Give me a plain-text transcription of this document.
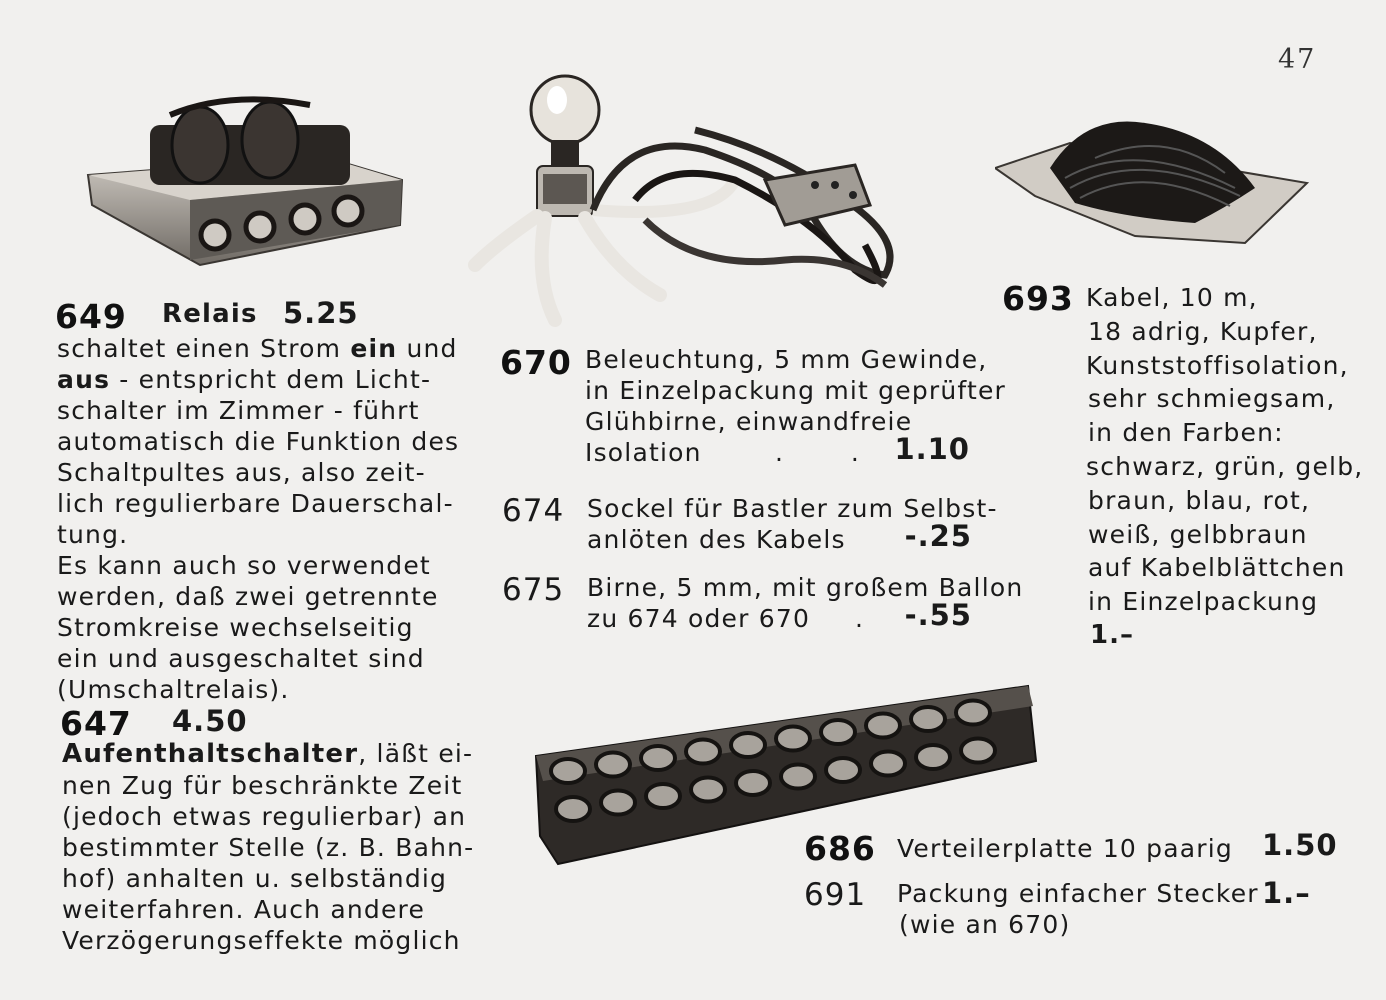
47
649 Relais 5.25
schaltet einen Strom ein und
aus - entspricht dem Licht-
schalter im Zimmer - führt
automatisch die Funktion des
Schaltpultes aus, also zeit-
lich regulierbare Dauerschal-
tung.
Es kann auch so verwendet
werden, daß zwei getrennte
Stromkreise wechselseitig
ein und ausgeschaltet sind
(Umschaltrelais).
647 4.50
Aufenthaltschalter, läßt ei-
nen Zug für beschränkte Zeit
(jedoch etwas regulierbar) an
bestimmter Stelle (z. B. Bahn-
hof) anhalten u. selbständig
weiterfahren. Auch andere
Verzögerungseffekte möglich
670 Beleuchtung, 5 mm Gewinde,
in Einzelpackung mit geprüfter
Glühbirne, einwandfreie
Isolation	. . 1.10
674 Sockel für Bastler zum Selbst-
anlöten des Kabels -.25
675 Birne, 5 mm, mit großem Ballon
zu 674 oder 670 . -.55
693 Kabel, 10 m,
18 adrig, Kupfer,
Kunststoffisolation,
sehr schmiegsam,
in den Farben:
schwarz, grün, gelb,
braun, blau, rot,
weiß, gelbbraun
auf Kabelblättchen
in Einzelpackung
1.–
686 Verteilerplatte 10 paarig 1.50
691 Packung einfacher Stecker
(wie an 670)
1.–
